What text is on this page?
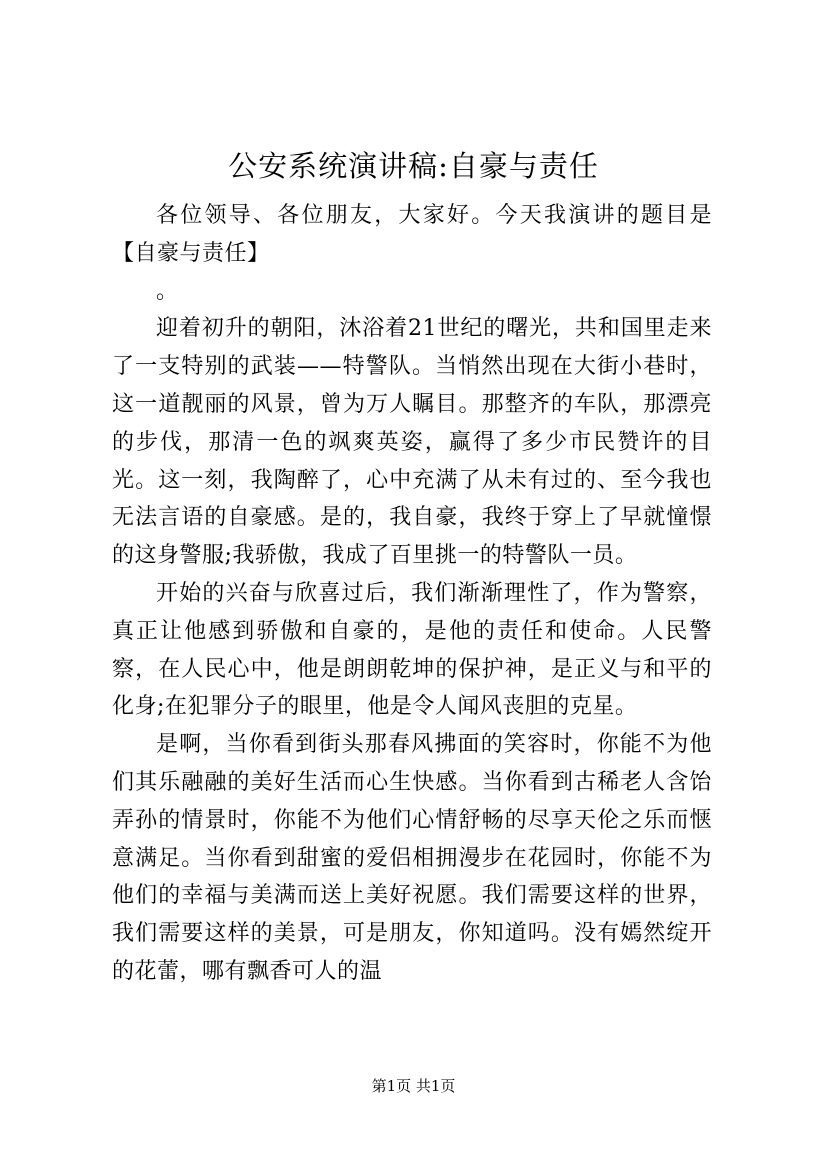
公安系统演讲稿:自豪与责任

各位领导、各位朋友，大家好。今天我演讲的题目是【自豪与责任】

。

迎着初升的朝阳，沐浴着21世纪的曙光，共和国里走来了一支特别的武装——特警队。当悄然出现在大街小巷时，这一道靓丽的风景，曾为万人瞩目。那整齐的车队，那漂亮的步伐，那清一色的飒爽英姿，赢得了多少市民赞许的目光。这一刻，我陶醉了，心中充满了从未有过的、至今我也无法言语的自豪感。是的，我自豪，我终于穿上了早就憧憬的这身警服;我骄傲，我成了百里挑一的特警队一员。

开始的兴奋与欣喜过后，我们渐渐理性了，作为警察，真正让他感到骄傲和自豪的，是他的责任和使命。人民警察，在人民心中，他是朗朗乾坤的保护神，是正义与和平的化身;在犯罪分子的眼里，他是令人闻风丧胆的克星。

是啊，当你看到街头那春风拂面的笑容时，你能不为他们其乐融融的美好生活而心生快感。当你看到古稀老人含饴弄孙的情景时，你能不为他们心情舒畅的尽享天伦之乐而惬意满足。当你看到甜蜜的爱侣相拥漫步在花园时，你能不为他们的幸福与美满而送上美好祝愿。我们需要这样的世界，我们需要这样的美景，可是朋友，你知道吗。没有嫣然绽开的花蕾，哪有飘香可人的温

第1页 共1页
